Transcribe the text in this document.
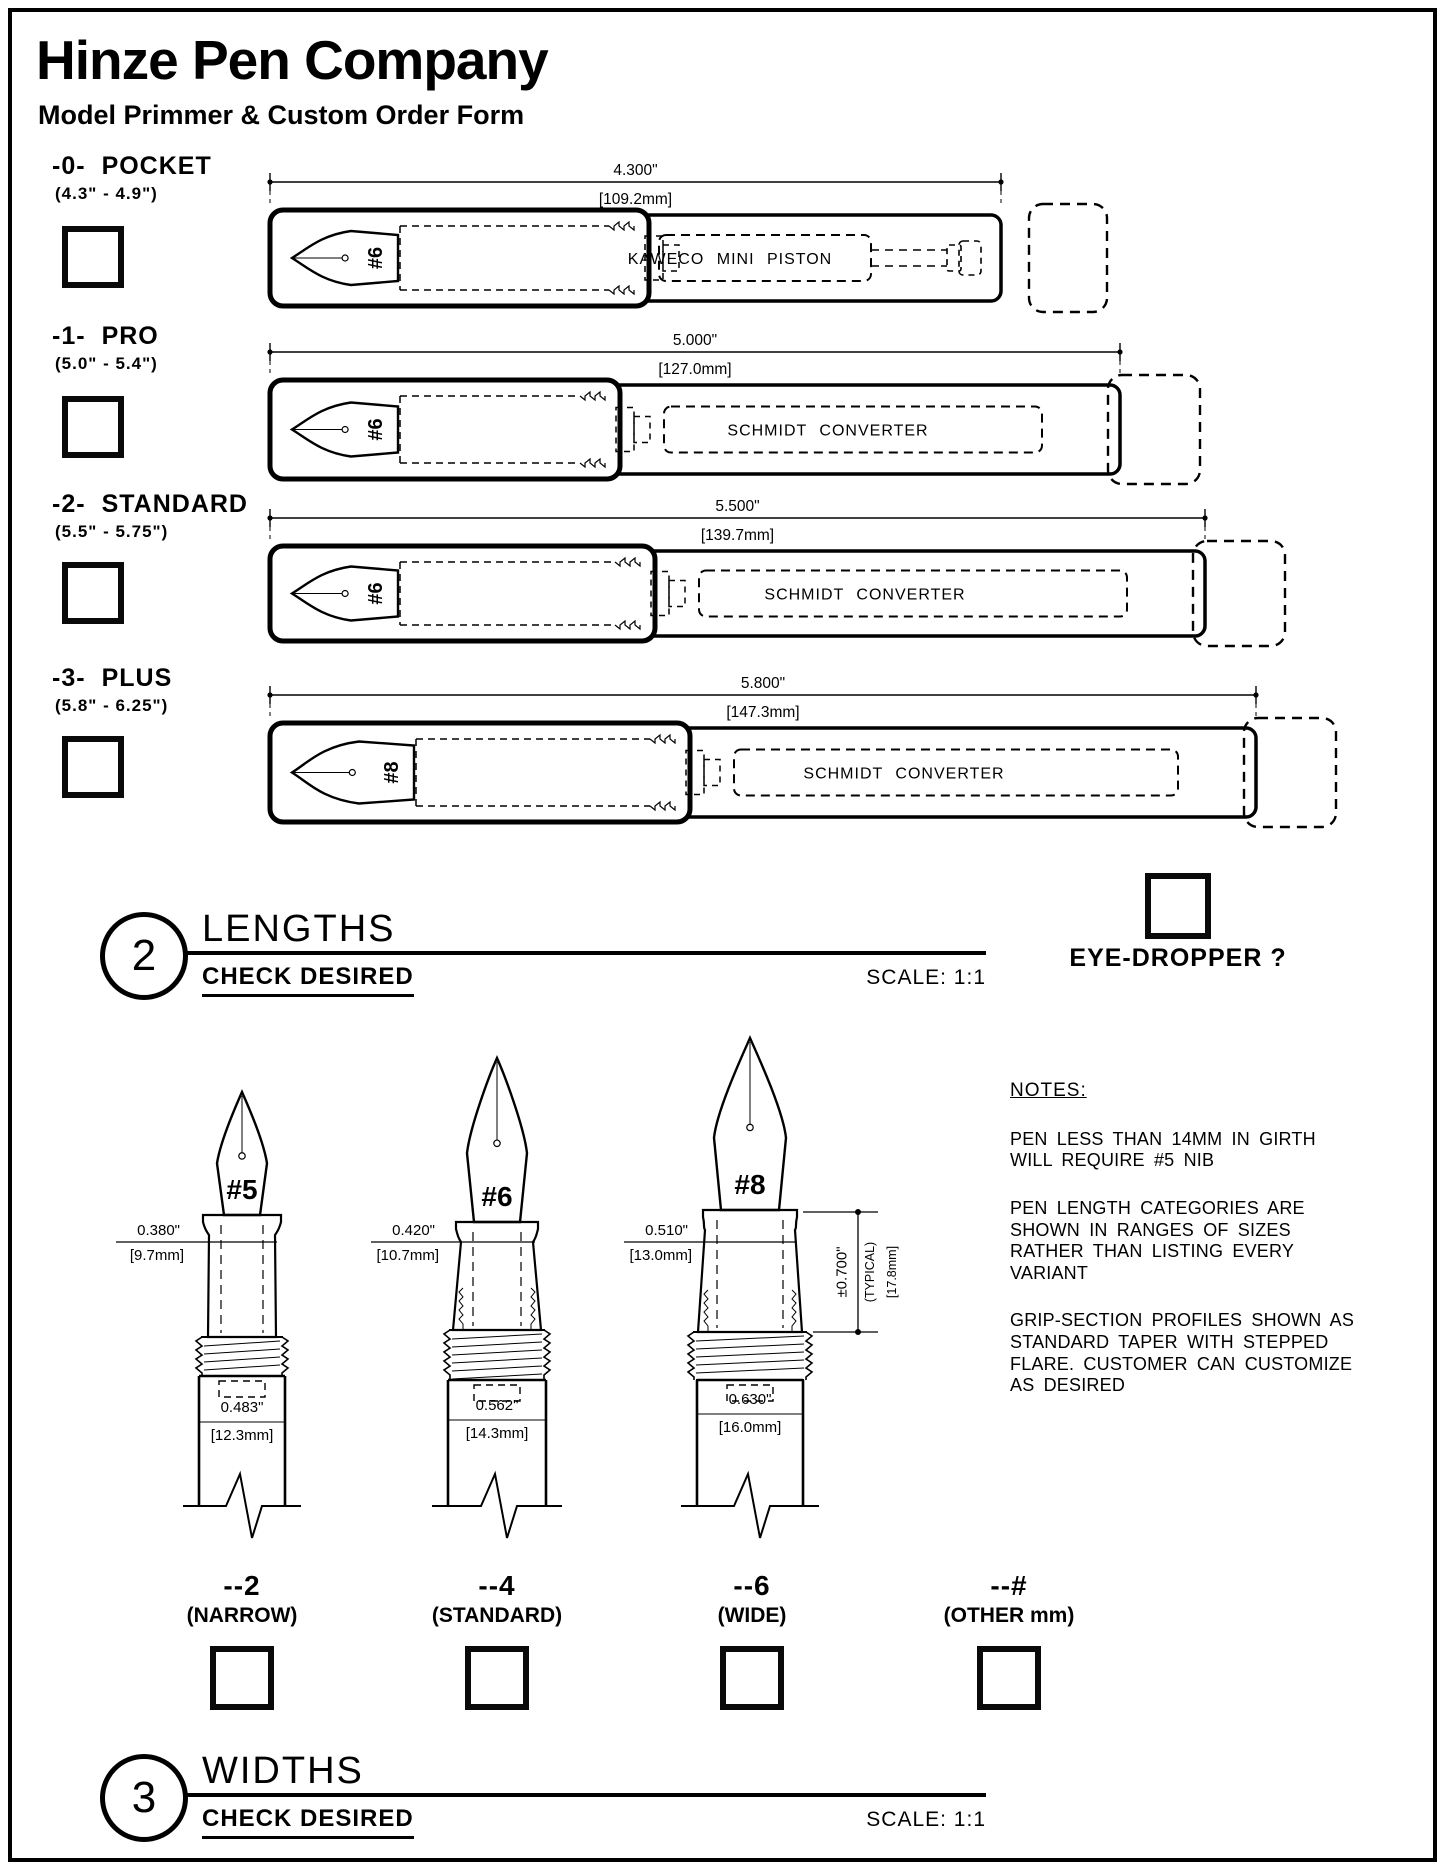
Hinze Pen Company
Model Primmer & Custom Order Form
-0- POCKET
(4.3" - 4.9")
-1- PRO
(5.0" - 5.4")
-2- STANDARD
(5.5" - 5.75")
-3- PLUS
(5.8" - 6.25")
4.300"
[109.2mm]
#6	KAWECO MINI PISTON
5.000"
[127.0mm]
#6	SCHMIDT CONVERTER
5.500"
[139.7mm]
#6	SCHMIDT CONVERTER
5.800"
[147.3mm]
#8	SCHMIDT CONVERTER
2
LENGTHS
CHECK DESIRED	SCALE: 1:1
EYE-DROPPER ?
#5
0.483"
[12.3mm]
0.380"
[9.7mm]
#6
0.562"
[14.3mm]
0.420"
[10.7mm]
#8
0.630"
[16.0mm]
0.510"
[13.0mm]	±0.700" (TYPICAL) [17.8mm]
NOTES:

PEN LESS THAN 14MM IN GIRTH WILL REQUIRE #5 NIB

PEN LENGTH CATEGORIES ARE SHOWN IN RANGES OF SIZES RATHER THAN LISTING EVERY VARIANT

GRIP-SECTION PROFILES SHOWN AS STANDARD TAPER WITH STEPPED FLARE. CUSTOMER CAN CUSTOMIZE AS DESIRED

--2
(NARROW)
--4
(STANDARD)
--6
(WIDE)
--#
(OTHER mm)
3
WIDTHS
CHECK DESIRED	SCALE: 1:1
